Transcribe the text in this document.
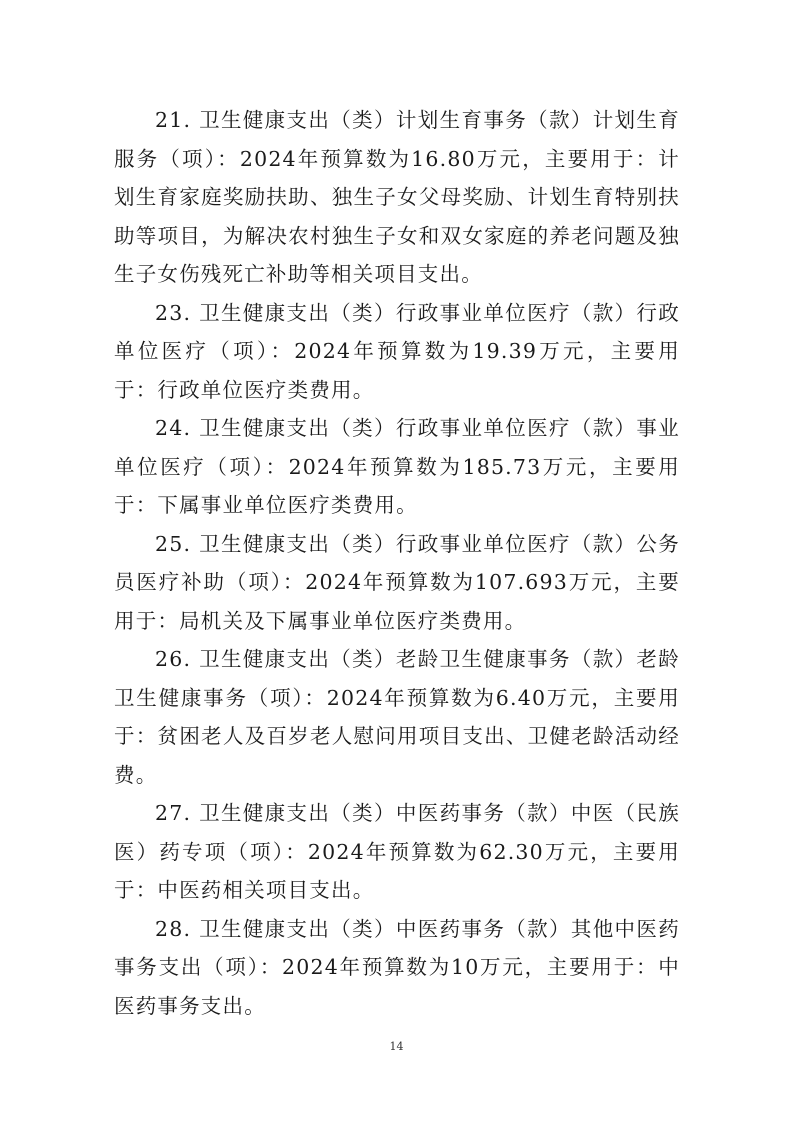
21. 卫生健康支出（类）计划生育事务（款）计划生育服务（项）：2024年预算数为16.80万元，主要用于：计划生育家庭奖励扶助、独生子女父母奖励、计划生育特别扶助等项目，为解决农村独生子女和双女家庭的养老问题及独生子女伤残死亡补助等相关项目支出。

23. 卫生健康支出（类）行政事业单位医疗（款）行政单位医疗（项）：2024年预算数为19.39万元，主要用于：行政单位医疗类费用。

24. 卫生健康支出（类）行政事业单位医疗（款）事业单位医疗（项）：2024年预算数为185.73万元，主要用于：下属事业单位医疗类费用。

25. 卫生健康支出（类）行政事业单位医疗（款）公务员医疗补助（项）：2024年预算数为107.693万元，主要用于：局机关及下属事业单位医疗类费用。

26. 卫生健康支出（类）老龄卫生健康事务（款）老龄卫生健康事务（项）：2024年预算数为6.40万元，主要用于：贫困老人及百岁老人慰问用项目支出、卫健老龄活动经费。

27. 卫生健康支出（类）中医药事务（款）中医（民族医）药专项（项）：2024年预算数为62.30万元，主要用于：中医药相关项目支出。

28. 卫生健康支出（类）中医药事务（款）其他中医药事务支出（项）：2024年预算数为10万元，主要用于：中医药事务支出。

14
